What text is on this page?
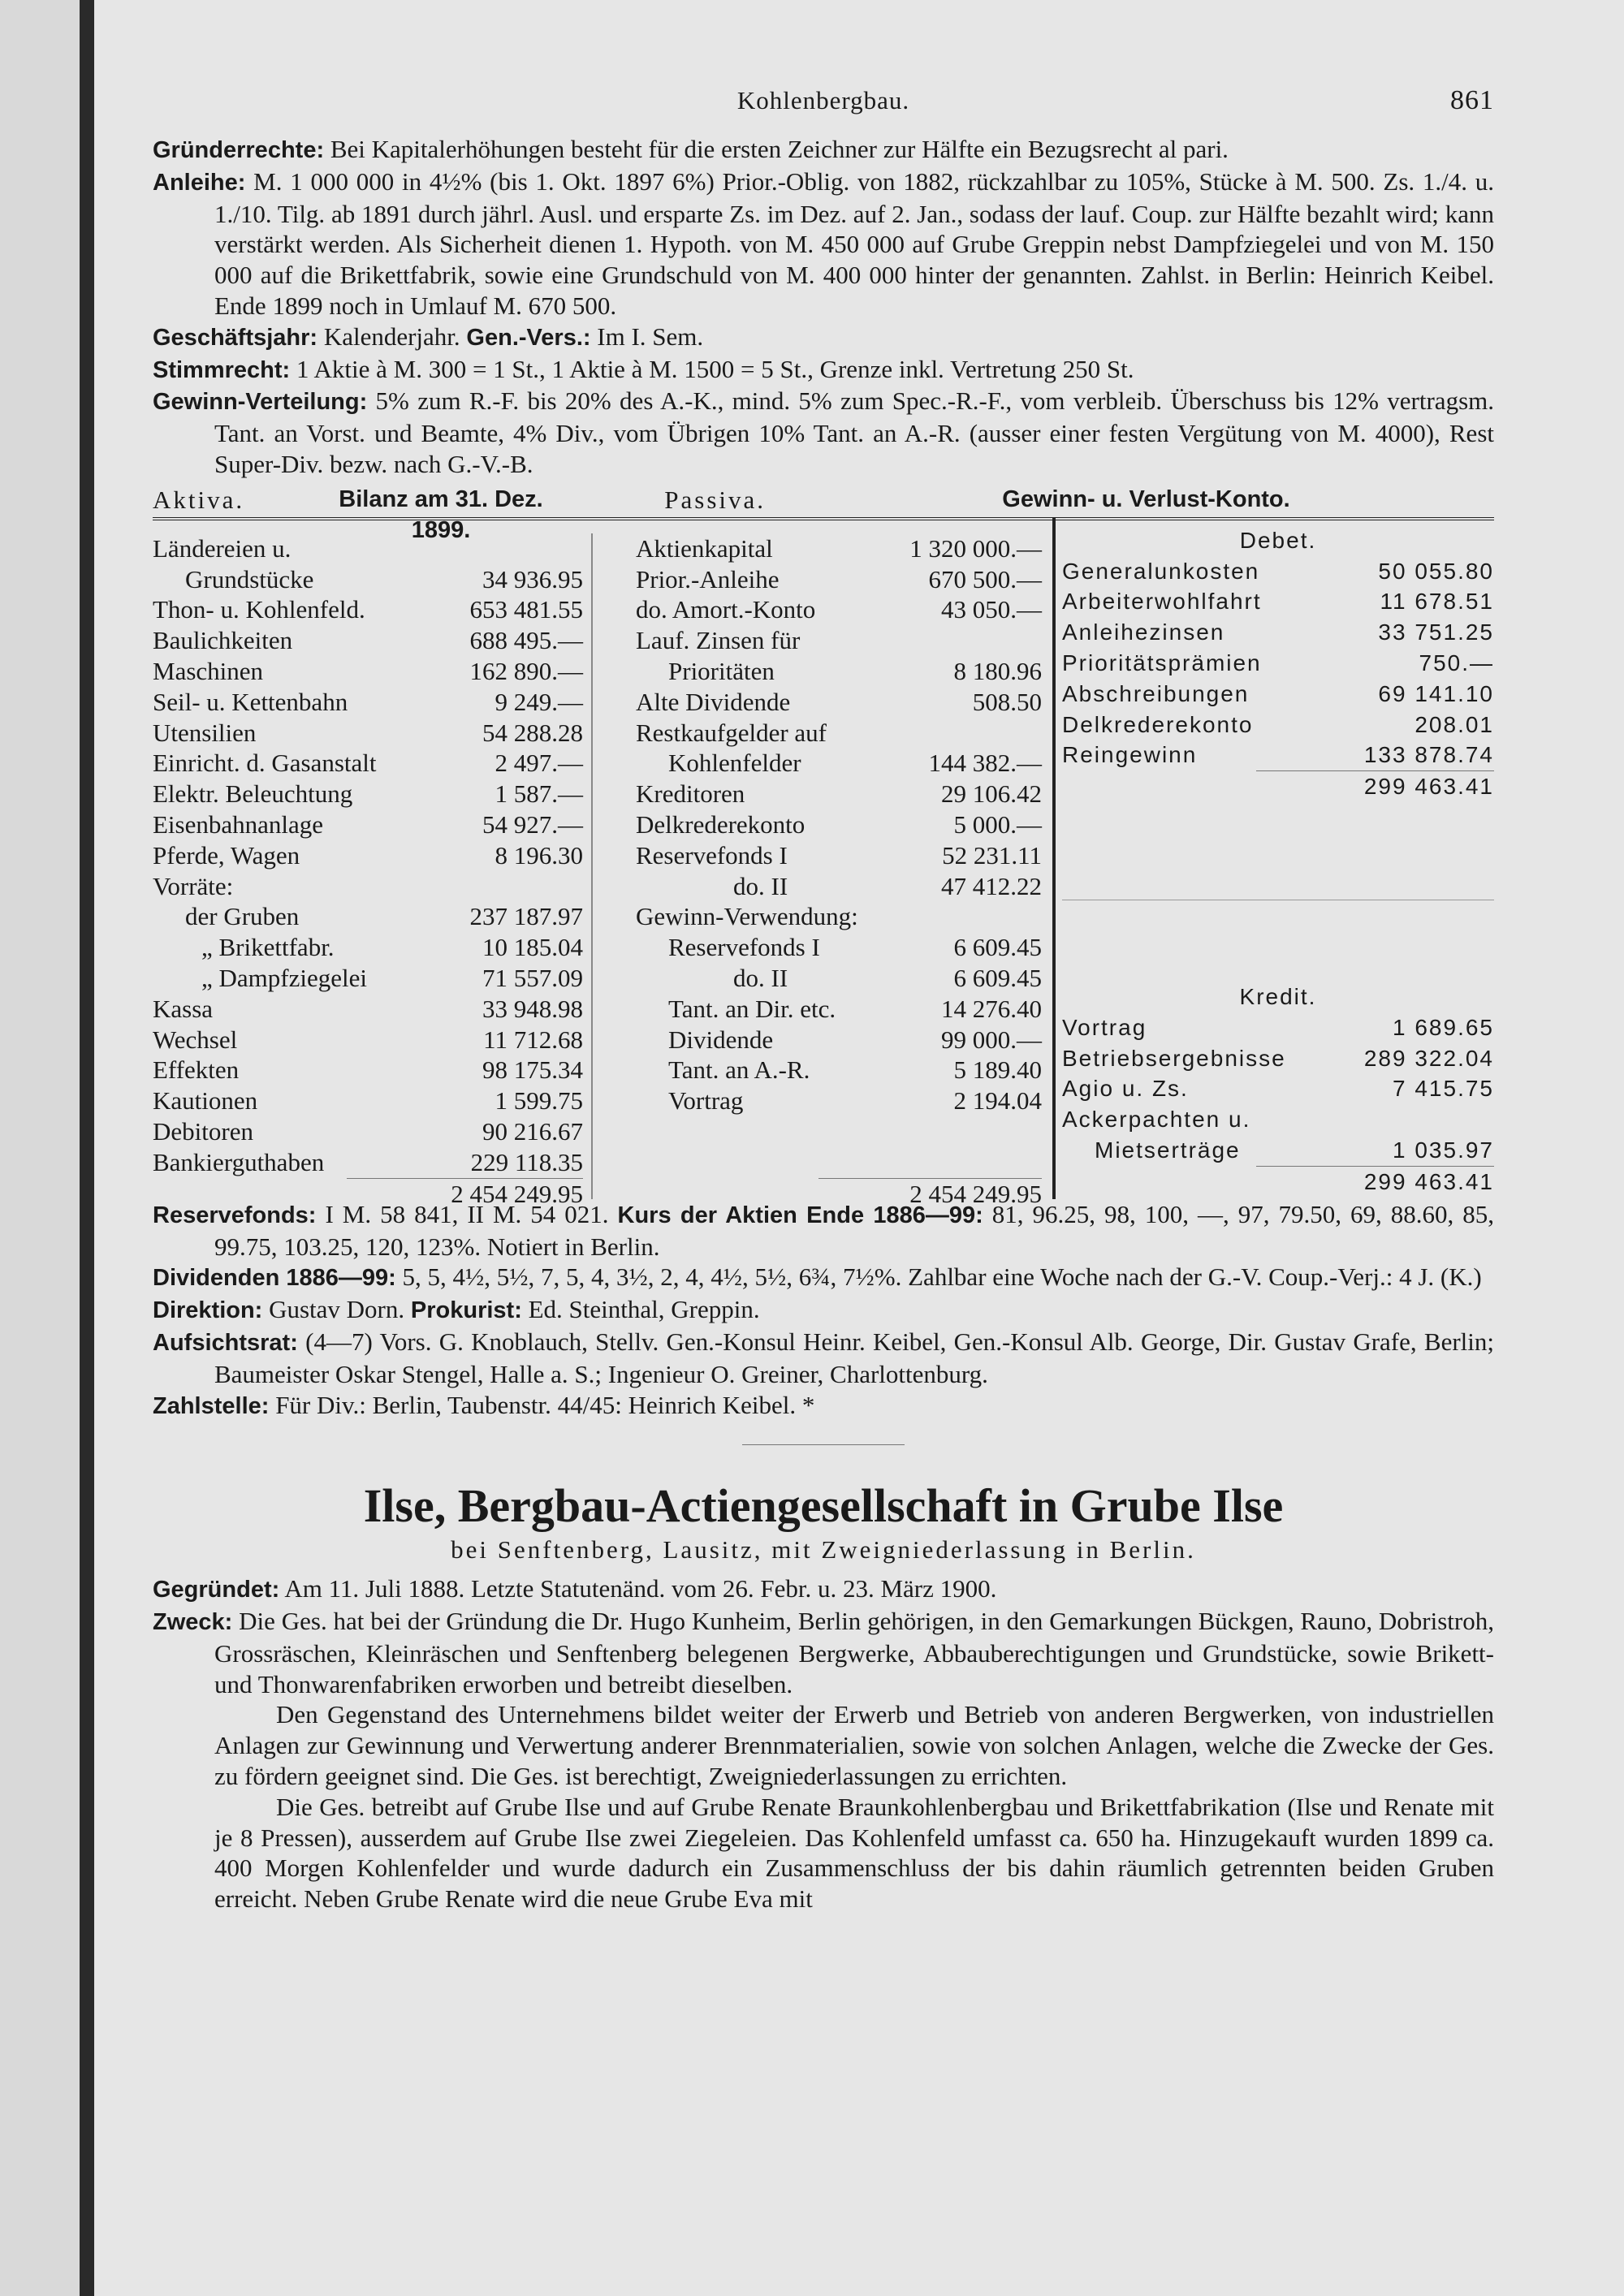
Kohlenbergbau.	861

Gründerrechte: Bei Kapitalerhöhungen besteht für die ersten Zeichner zur Hälfte ein Bezugsrecht al pari.

Anleihe: M. 1 000 000 in 4½% (bis 1. Okt. 1897 6%) Prior.-Oblig. von 1882, rückzahlbar zu 105%, Stücke à M. 500. Zs. 1./4. u. 1./10. Tilg. ab 1891 durch jährl. Ausl. und ersparte Zs. im Dez. auf 2. Jan., sodass der lauf. Coup. zur Hälfte bezahlt wird; kann verstärkt werden. Als Sicherheit dienen 1. Hypoth. von M. 450 000 auf Grube Greppin nebst Dampfziegelei und von M. 150 000 auf die Brikettfabrik, sowie eine Grundschuld von M. 400 000 hinter der genannten. Zahlst. in Berlin: Heinrich Keibel. Ende 1899 noch in Umlauf M. 670 500.

Geschäftsjahr: Kalenderjahr. Gen.-Vers.: Im I. Sem.

Stimmrecht: 1 Aktie à M. 300 = 1 St., 1 Aktie à M. 1500 = 5 St., Grenze inkl. Vertretung 250 St.

Gewinn-Verteilung: 5% zum R.-F. bis 20% des A.-K., mind. 5% zum Spec.-R.-F., vom verbleib. Überschuss bis 12% vertragsm. Tant. an Vorst. und Beamte, 4% Div., vom Übrigen 10% Tant. an A.-R. (ausser einer festen Vergütung von M. 4000), Rest Super-Div. bezw. nach G.-V.-B.

Aktiva.	Bilanz am 31. Dez. 1899.
Passiva.	Gewinn- u. Verlust-Konto.
Ländereien u.
Grundstücke	34 936.95
Thon- u. Kohlenfeld.	653 481.55
Baulichkeiten	688 495.—
Maschinen	162 890.—
Seil- u. Kettenbahn	9 249.—
Utensilien	54 288.28
Einricht. d. Gasanstalt	2 497.—
Elektr. Beleuchtung	1 587.—
Eisenbahnanlage	54 927.—
Pferde, Wagen	8 196.30
Vorräte:
der Gruben	237 187.97
„ Brikettfabr.	10 185.04
„ Dampfziegelei	71 557.09
Kassa	33 948.98
Wechsel	11 712.68
Effekten	98 175.34
Kautionen	1 599.75
Debitoren	90 216.67
Bankierguthaben	229 118.35
2 454 249.95
Aktienkapital	1 320 000.—
Prior.-Anleihe	670 500.—
do. Amort.-Konto	43 050.—
Lauf. Zinsen für
Prioritäten	8 180.96
Alte Dividende	508.50
Restkaufgelder auf
Kohlenfelder	144 382.—
Kreditoren	29 106.42
Delkrederekonto	5 000.—
Reservefonds I	52 231.11
do. II	47 412.22
Gewinn-Verwendung:
Reservefonds I	6 609.45
do. II	6 609.45
Tant. an Dir. etc.	14 276.40
Dividende	99 000.—
Tant. an A.-R.	5 189.40
Vortrag	2 194.04
2 454 249.95
Debet.
Generalunkosten	50 055.80
Arbeiterwohlfahrt	11 678.51
Anleihezinsen	33 751.25
Prioritätsprämien	750.—
Abschreibungen	69 141.10
Delkrederekonto	208.01
Reingewinn	133 878.74
299 463.41
Kredit.
Vortrag	1 689.65
Betriebsergebnisse	289 322.04
Agio u. Zs.	7 415.75
Ackerpachten u.
Mietserträge	1 035.97
299 463.41

Reservefonds: I M. 58 841, II M. 54 021. Kurs der Aktien Ende 1886—99: 81, 96.25, 98, 100, —, 97, 79.50, 69, 88.60, 85, 99.75, 103.25, 120, 123%. Notiert in Berlin.

Dividenden 1886—99: 5, 5, 4½, 5½, 7, 5, 4, 3½, 2, 4, 4½, 5½, 6¾, 7½%. Zahlbar eine Woche nach der G.-V. Coup.-Verj.: 4 J. (K.)

Direktion: Gustav Dorn. Prokurist: Ed. Steinthal, Greppin.

Aufsichtsrat: (4—7) Vors. G. Knoblauch, Stellv. Gen.-Konsul Heinr. Keibel, Gen.-Konsul Alb. George, Dir. Gustav Grafe, Berlin; Baumeister Oskar Stengel, Halle a. S.; Ingenieur O. Greiner, Charlottenburg.

Zahlstelle: Für Div.: Berlin, Taubenstr. 44/45: Heinrich Keibel. *

Ilse, Bergbau-Actiengesellschaft in Grube Ilse
bei Senftenberg, Lausitz, mit Zweigniederlassung in Berlin.

Gegründet: Am 11. Juli 1888. Letzte Statutenänd. vom 26. Febr. u. 23. März 1900.

Zweck: Die Ges. hat bei der Gründung die Dr. Hugo Kunheim, Berlin gehörigen, in den Gemarkungen Bückgen, Rauno, Dobristroh, Grossräschen, Kleinräschen und Senftenberg belegenen Bergwerke, Abbauberechtigungen und Grundstücke, sowie Brikett- und Thonwarenfabriken erworben und betreibt dieselben.

Den Gegenstand des Unternehmens bildet weiter der Erwerb und Betrieb von anderen Bergwerken, von industriellen Anlagen zur Gewinnung und Verwertung anderer Brennmaterialien, sowie von solchen Anlagen, welche die Zwecke der Ges. zu fördern geeignet sind. Die Ges. ist berechtigt, Zweigniederlassungen zu errichten.

Die Ges. betreibt auf Grube Ilse und auf Grube Renate Braunkohlenbergbau und Brikettfabrikation (Ilse und Renate mit je 8 Pressen), ausserdem auf Grube Ilse zwei Ziegeleien. Das Kohlenfeld umfasst ca. 650 ha. Hinzugekauft wurden 1899 ca. 400 Morgen Kohlenfelder und wurde dadurch ein Zusammenschluss der bis dahin räumlich getrennten beiden Gruben erreicht. Neben Grube Renate wird die neue Grube Eva mit
